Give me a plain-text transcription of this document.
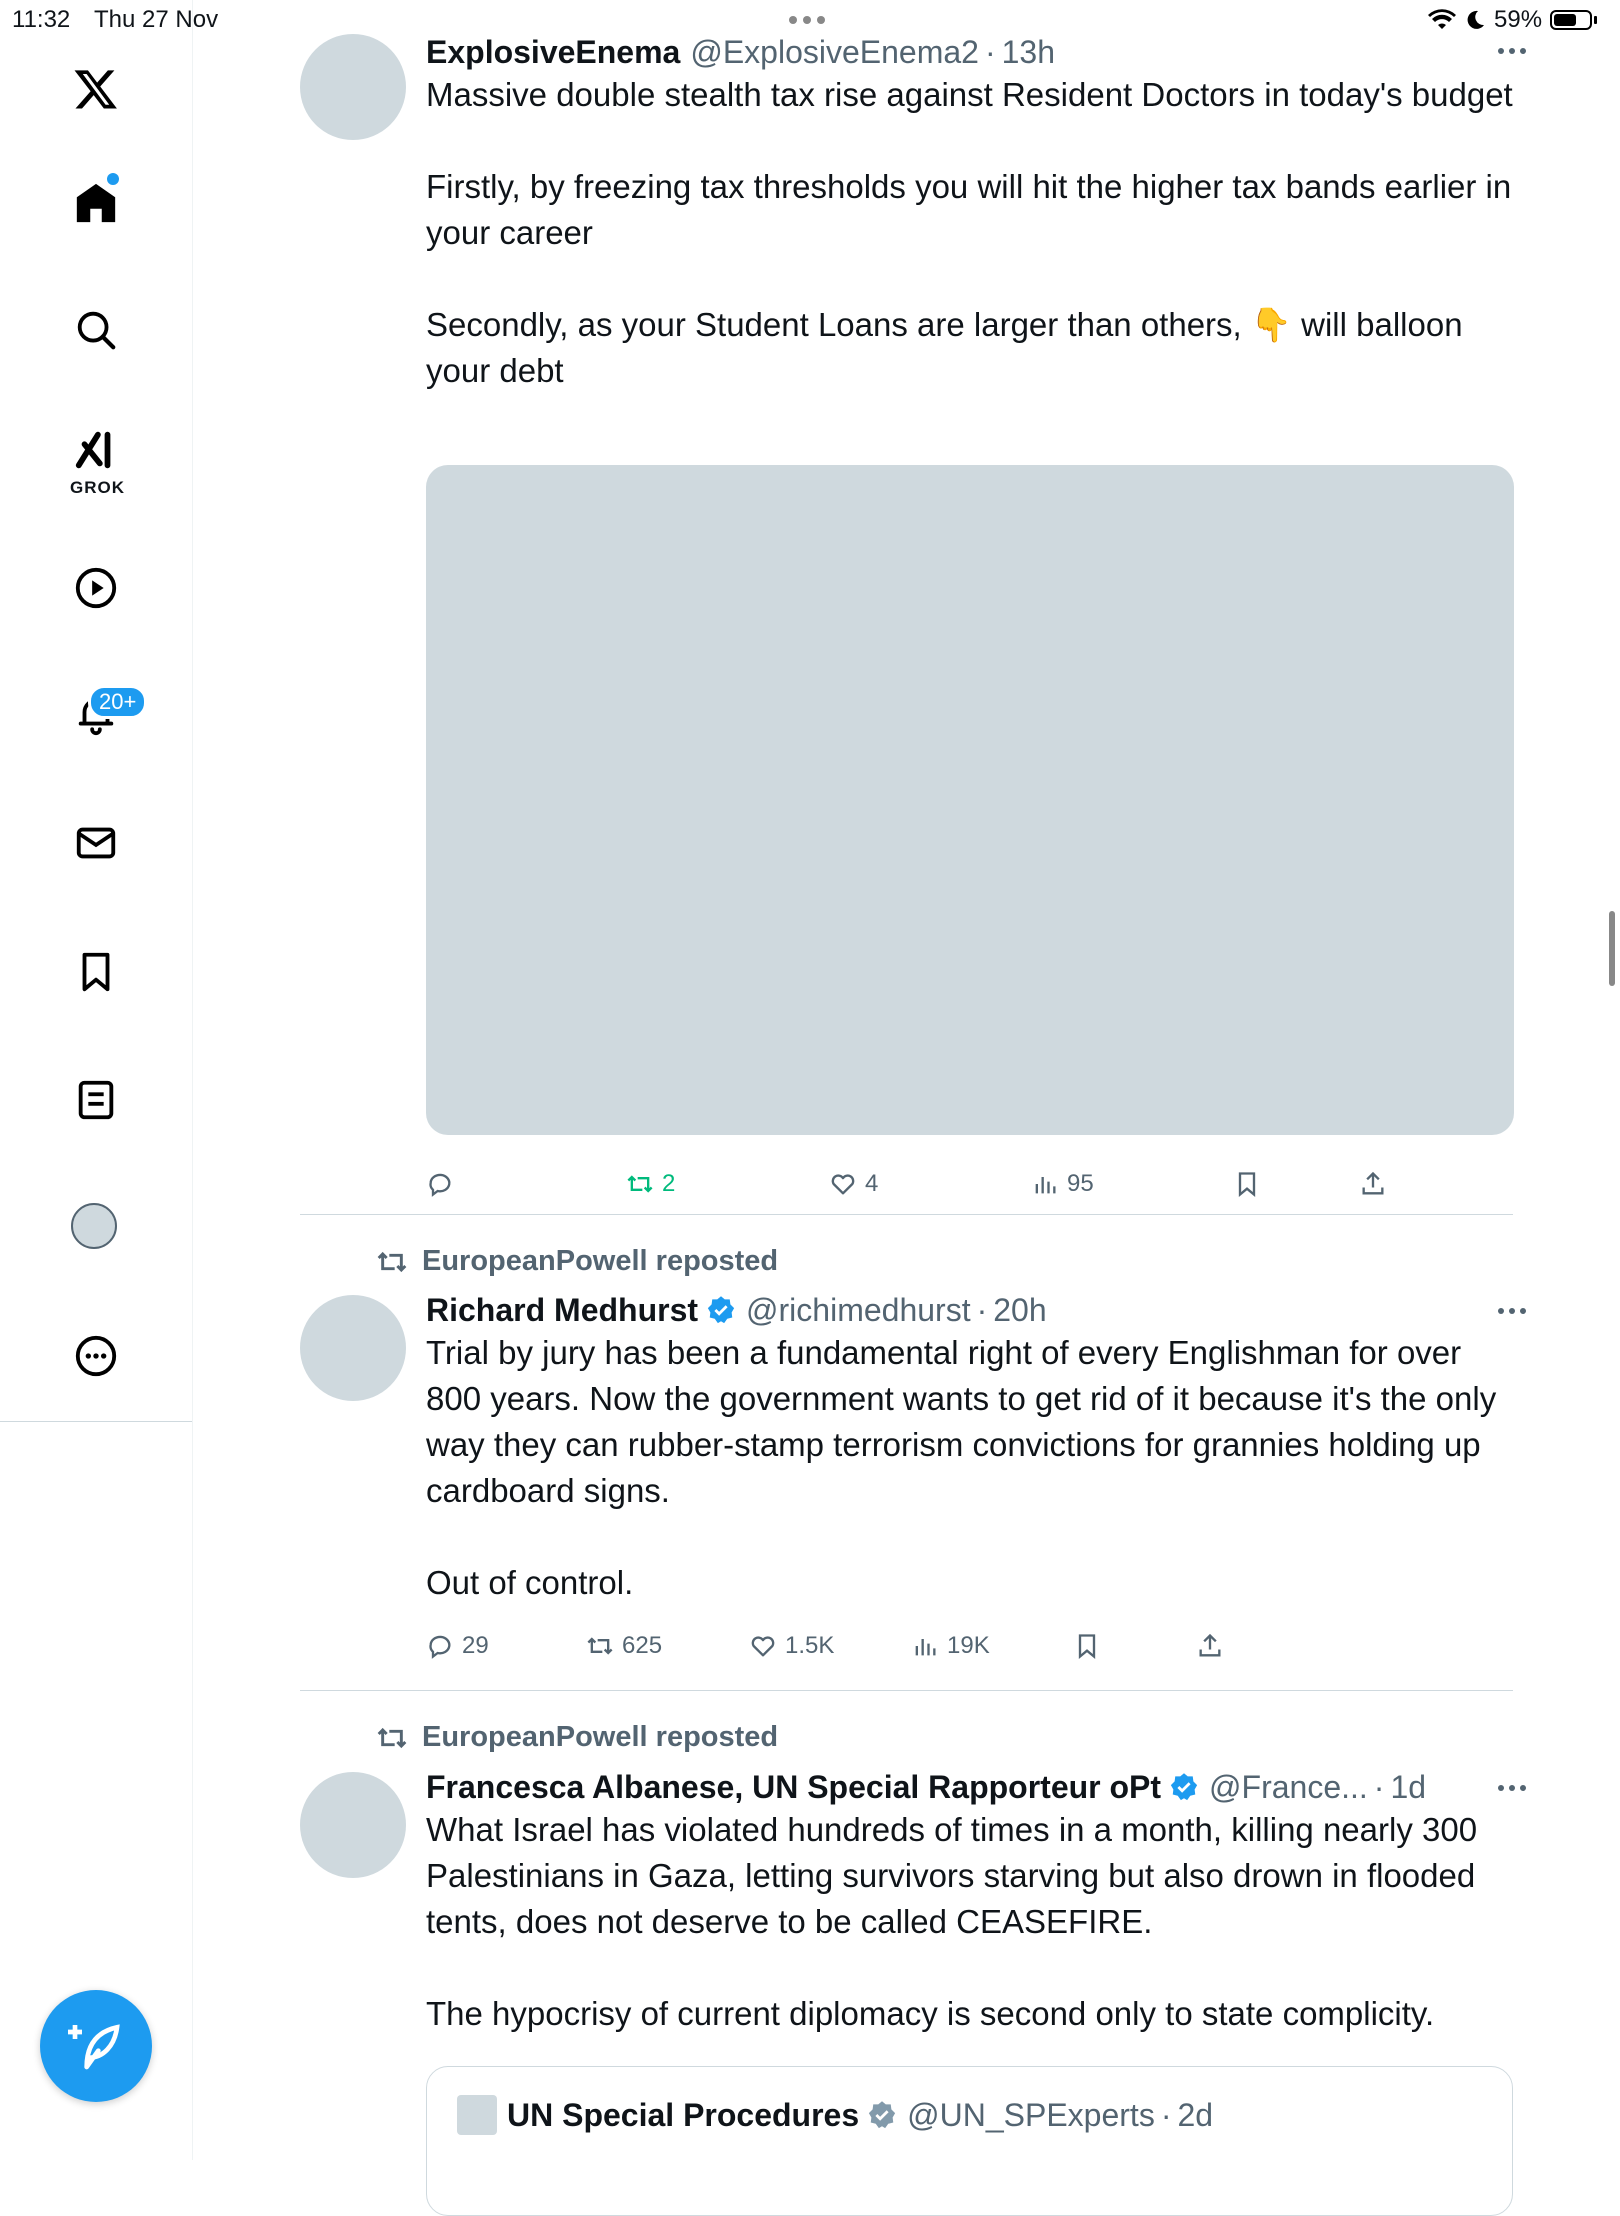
11:32 Thu 27 Nov	59%
GROK
20+
ExplosiveEnema @ExplosiveEnema2 · 13h

Massive double stealth tax rise against Resident Doctors in today's budget

Firstly, by freezing tax thresholds you will hit the higher tax bands earlier in your career

Secondly, as your Student Loans are larger than others, 👇 will balloon your debt

2	4	95
EuropeanPowell reposted
Richard Medhurst @richimedhurst · 20h

Trial by jury has been a fundamental right of every Englishman for over 800 years. Now the government wants to get rid of it because it's the only way they can rubber-stamp terrorism convictions for grannies holding up cardboard signs.

Out of control.

29	625	1.5K	19K
EuropeanPowell reposted
Francesca Albanese, UN Special Rapporteur oPt @France... · 1d

What Israel has violated hundreds of times in a month, killing nearly 300 Palestinians in Gaza, letting survivors starving but also drown in flooded tents, does not deserve to be called CEASEFIRE.

The hypocrisy of current diplomacy is second only to state complicity.

UN Special Procedures @UN_SPExperts · 2d
